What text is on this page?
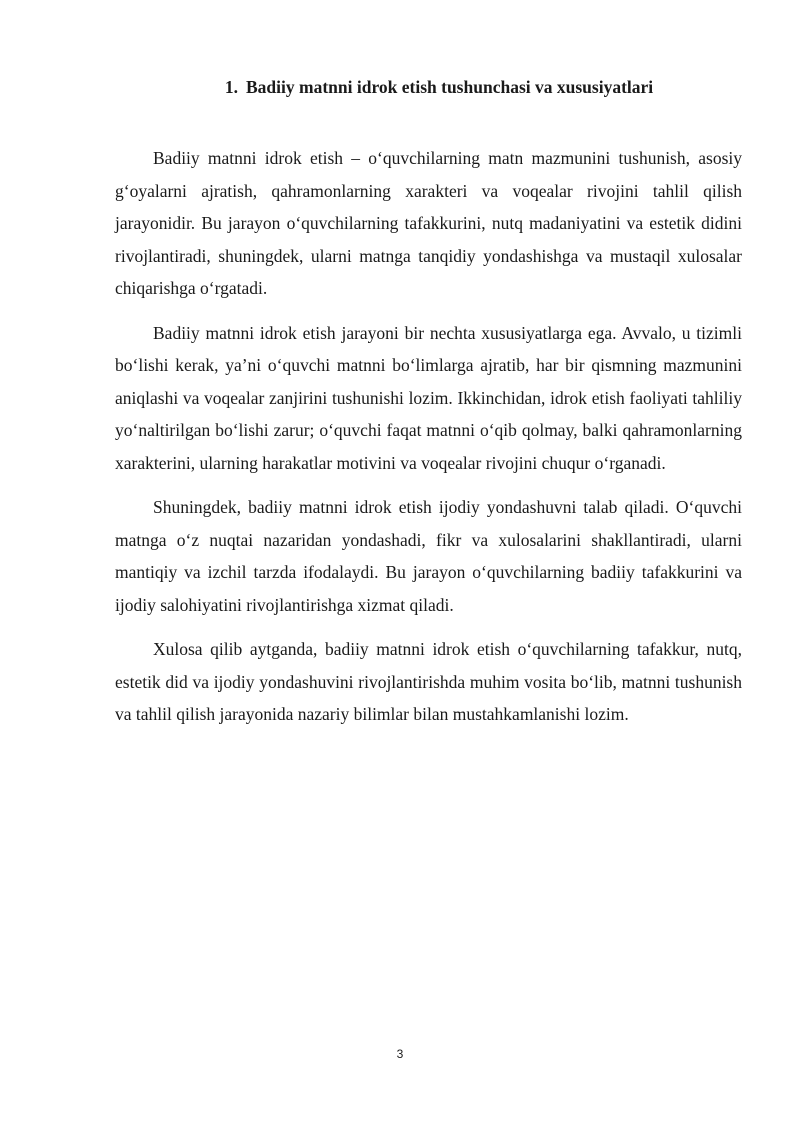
1. Badiiy matnni idrok etish tushunchasi va xususiyatlari

Badiiy matnni idrok etish – o‘quvchilarning matn mazmunini tushunish, asosiy g‘oyalarni ajratish, qahramonlarning xarakteri va voqealar rivojini tahlil qilish jarayonidir. Bu jarayon o‘quvchilarning tafakkurini, nutq madaniyatini va estetik didini rivojlantiradi, shuningdek, ularni matnga tanqidiy yondashishga va mustaqil xulosalar chiqarishga o‘rgatadi.

Badiiy matnni idrok etish jarayoni bir nechta xususiyatlarga ega. Avvalo, u tizimli bo‘lishi kerak, ya’ni o‘quvchi matnni bo‘limlarga ajratib, har bir qismning mazmunini aniqlashi va voqealar zanjirini tushunishi lozim. Ikkinchidan, idrok etish faoliyati tahliliy yo‘naltirilgan bo‘lishi zarur; o‘quvchi faqat matnni o‘qib qolmay, balki qahramonlarning xarakterini, ularning harakatlar motivini va voqealar rivojini chuqur o‘rganadi.

Shuningdek, badiiy matnni idrok etish ijodiy yondashuvni talab qiladi. O‘quvchi matnga o‘z nuqtai nazaridan yondashadi, fikr va xulosalarini shakllantiradi, ularni mantiqiy va izchil tarzda ifodalaydi. Bu jarayon o‘quvchilarning badiiy tafakkurini va ijodiy salohiyatini rivojlantirishga xizmat qiladi.

Xulosa qilib aytganda, badiiy matnni idrok etish o‘quvchilarning tafakkur, nutq, estetik did va ijodiy yondashuvini rivojlantirishda muhim vosita bo‘lib, matnni tushunish va tahlil qilish jarayonida nazariy bilimlar bilan mustahkamlanishi lozim.

3
